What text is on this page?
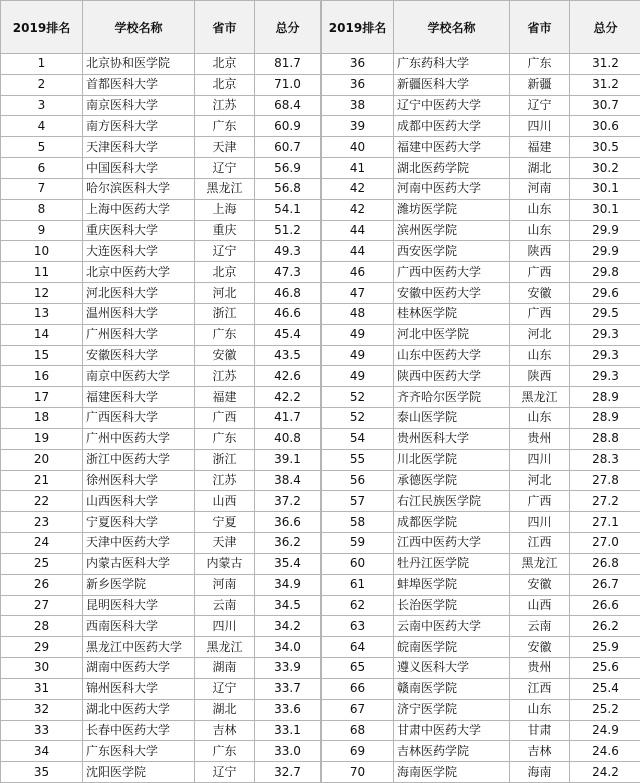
2019排名	学校名称	省市	总分
1	北京协和医学院	北京	81.7
2	首都医科大学	北京	71.0
3	南京医科大学	江苏	68.4
4	南方医科大学	广东	60.9
5	天津医科大学	天津	60.7
6	中国医科大学	辽宁	56.9
7	哈尔滨医科大学	黑龙江	56.8
8	上海中医药大学	上海	54.1
9	重庆医科大学	重庆	51.2
10	大连医科大学	辽宁	49.3
11	北京中医药大学	北京	47.3
12	河北医科大学	河北	46.8
13	温州医科大学	浙江	46.6
14	广州医科大学	广东	45.4
15	安徽医科大学	安徽	43.5
16	南京中医药大学	江苏	42.6
17	福建医科大学	福建	42.2
18	广西医科大学	广西	41.7
19	广州中医药大学	广东	40.8
20	浙江中医药大学	浙江	39.1
21	徐州医科大学	江苏	38.4
22	山西医科大学	山西	37.2
23	宁夏医科大学	宁夏	36.6
24	天津中医药大学	天津	36.2
25	内蒙古医科大学	内蒙古	35.4
26	新乡医学院	河南	34.9
27	昆明医科大学	云南	34.5
28	西南医科大学	四川	34.2
29	黑龙江中医药大学	黑龙江	34.0
30	湖南中医药大学	湖南	33.9
31	锦州医科大学	辽宁	33.7
32	湖北中医药大学	湖北	33.6
33	长春中医药大学	吉林	33.1
34	广东医科大学	广东	33.0
35	沈阳医学院	辽宁	32.7
2019排名	学校名称	省市	总分
36	广东药科大学	广东	31.2
36	新疆医科大学	新疆	31.2
38	辽宁中医药大学	辽宁	30.7
39	成都中医药大学	四川	30.6
40	福建中医药大学	福建	30.5
41	湖北医药学院	湖北	30.2
42	河南中医药大学	河南	30.1
42	潍坊医学院	山东	30.1
44	滨州医学院	山东	29.9
44	西安医学院	陕西	29.9
46	广西中医药大学	广西	29.8
47	安徽中医药大学	安徽	29.6
48	桂林医学院	广西	29.5
49	河北中医学院	河北	29.3
49	山东中医药大学	山东	29.3
49	陕西中医药大学	陕西	29.3
52	齐齐哈尔医学院	黑龙江	28.9
52	泰山医学院	山东	28.9
54	贵州医科大学	贵州	28.8
55	川北医学院	四川	28.3
56	承德医学院	河北	27.8
57	右江民族医学院	广西	27.2
58	成都医学院	四川	27.1
59	江西中医药大学	江西	27.0
60	牡丹江医学院	黑龙江	26.8
61	蚌埠医学院	安徽	26.7
62	长治医学院	山西	26.6
63	云南中医药大学	云南	26.2
64	皖南医学院	安徽	25.9
65	遵义医科大学	贵州	25.6
66	赣南医学院	江西	25.4
67	济宁医学院	山东	25.2
68	甘肃中医药大学	甘肃	24.9
69	吉林医药学院	吉林	24.6
70	海南医学院	海南	24.2
